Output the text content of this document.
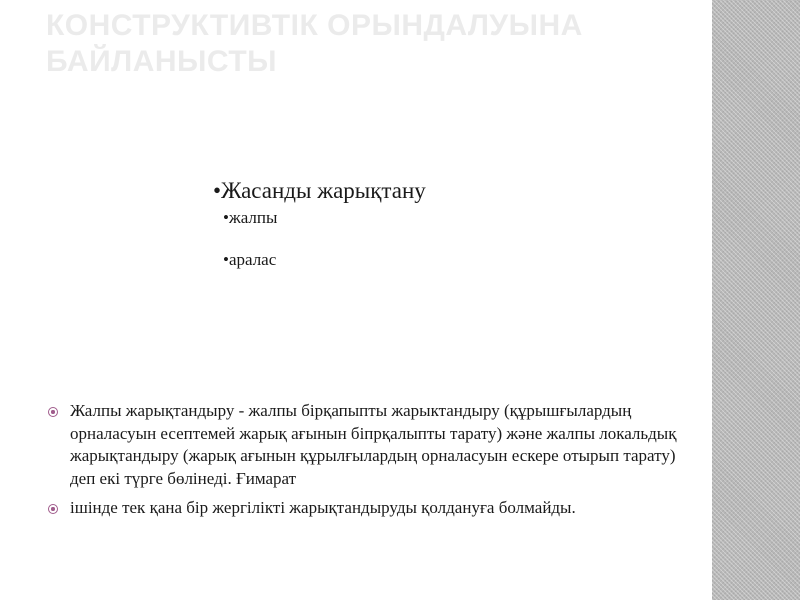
КОНСТРУКТИВТІК ОРЫНДАЛУЫНА БАЙЛАНЫСТЫ
•Жасанды жарықтану
•жалпы
•аралас
Жалпы жарықтандыру - жалпы бірқапыпты жарыктандыру (құрышғылардың орналасуын есептемей жарық ағынын біпрқалыпты тарату) және жалпы локальдық жарықтандыру (жарық ағынын құрылғылардың орналасуын ескере отырып тарату) деп екі түрге бөлінеді. Ғимарат
ішінде тек қана бір жергілікті жарықтандыруды қолдануға болмайды.
